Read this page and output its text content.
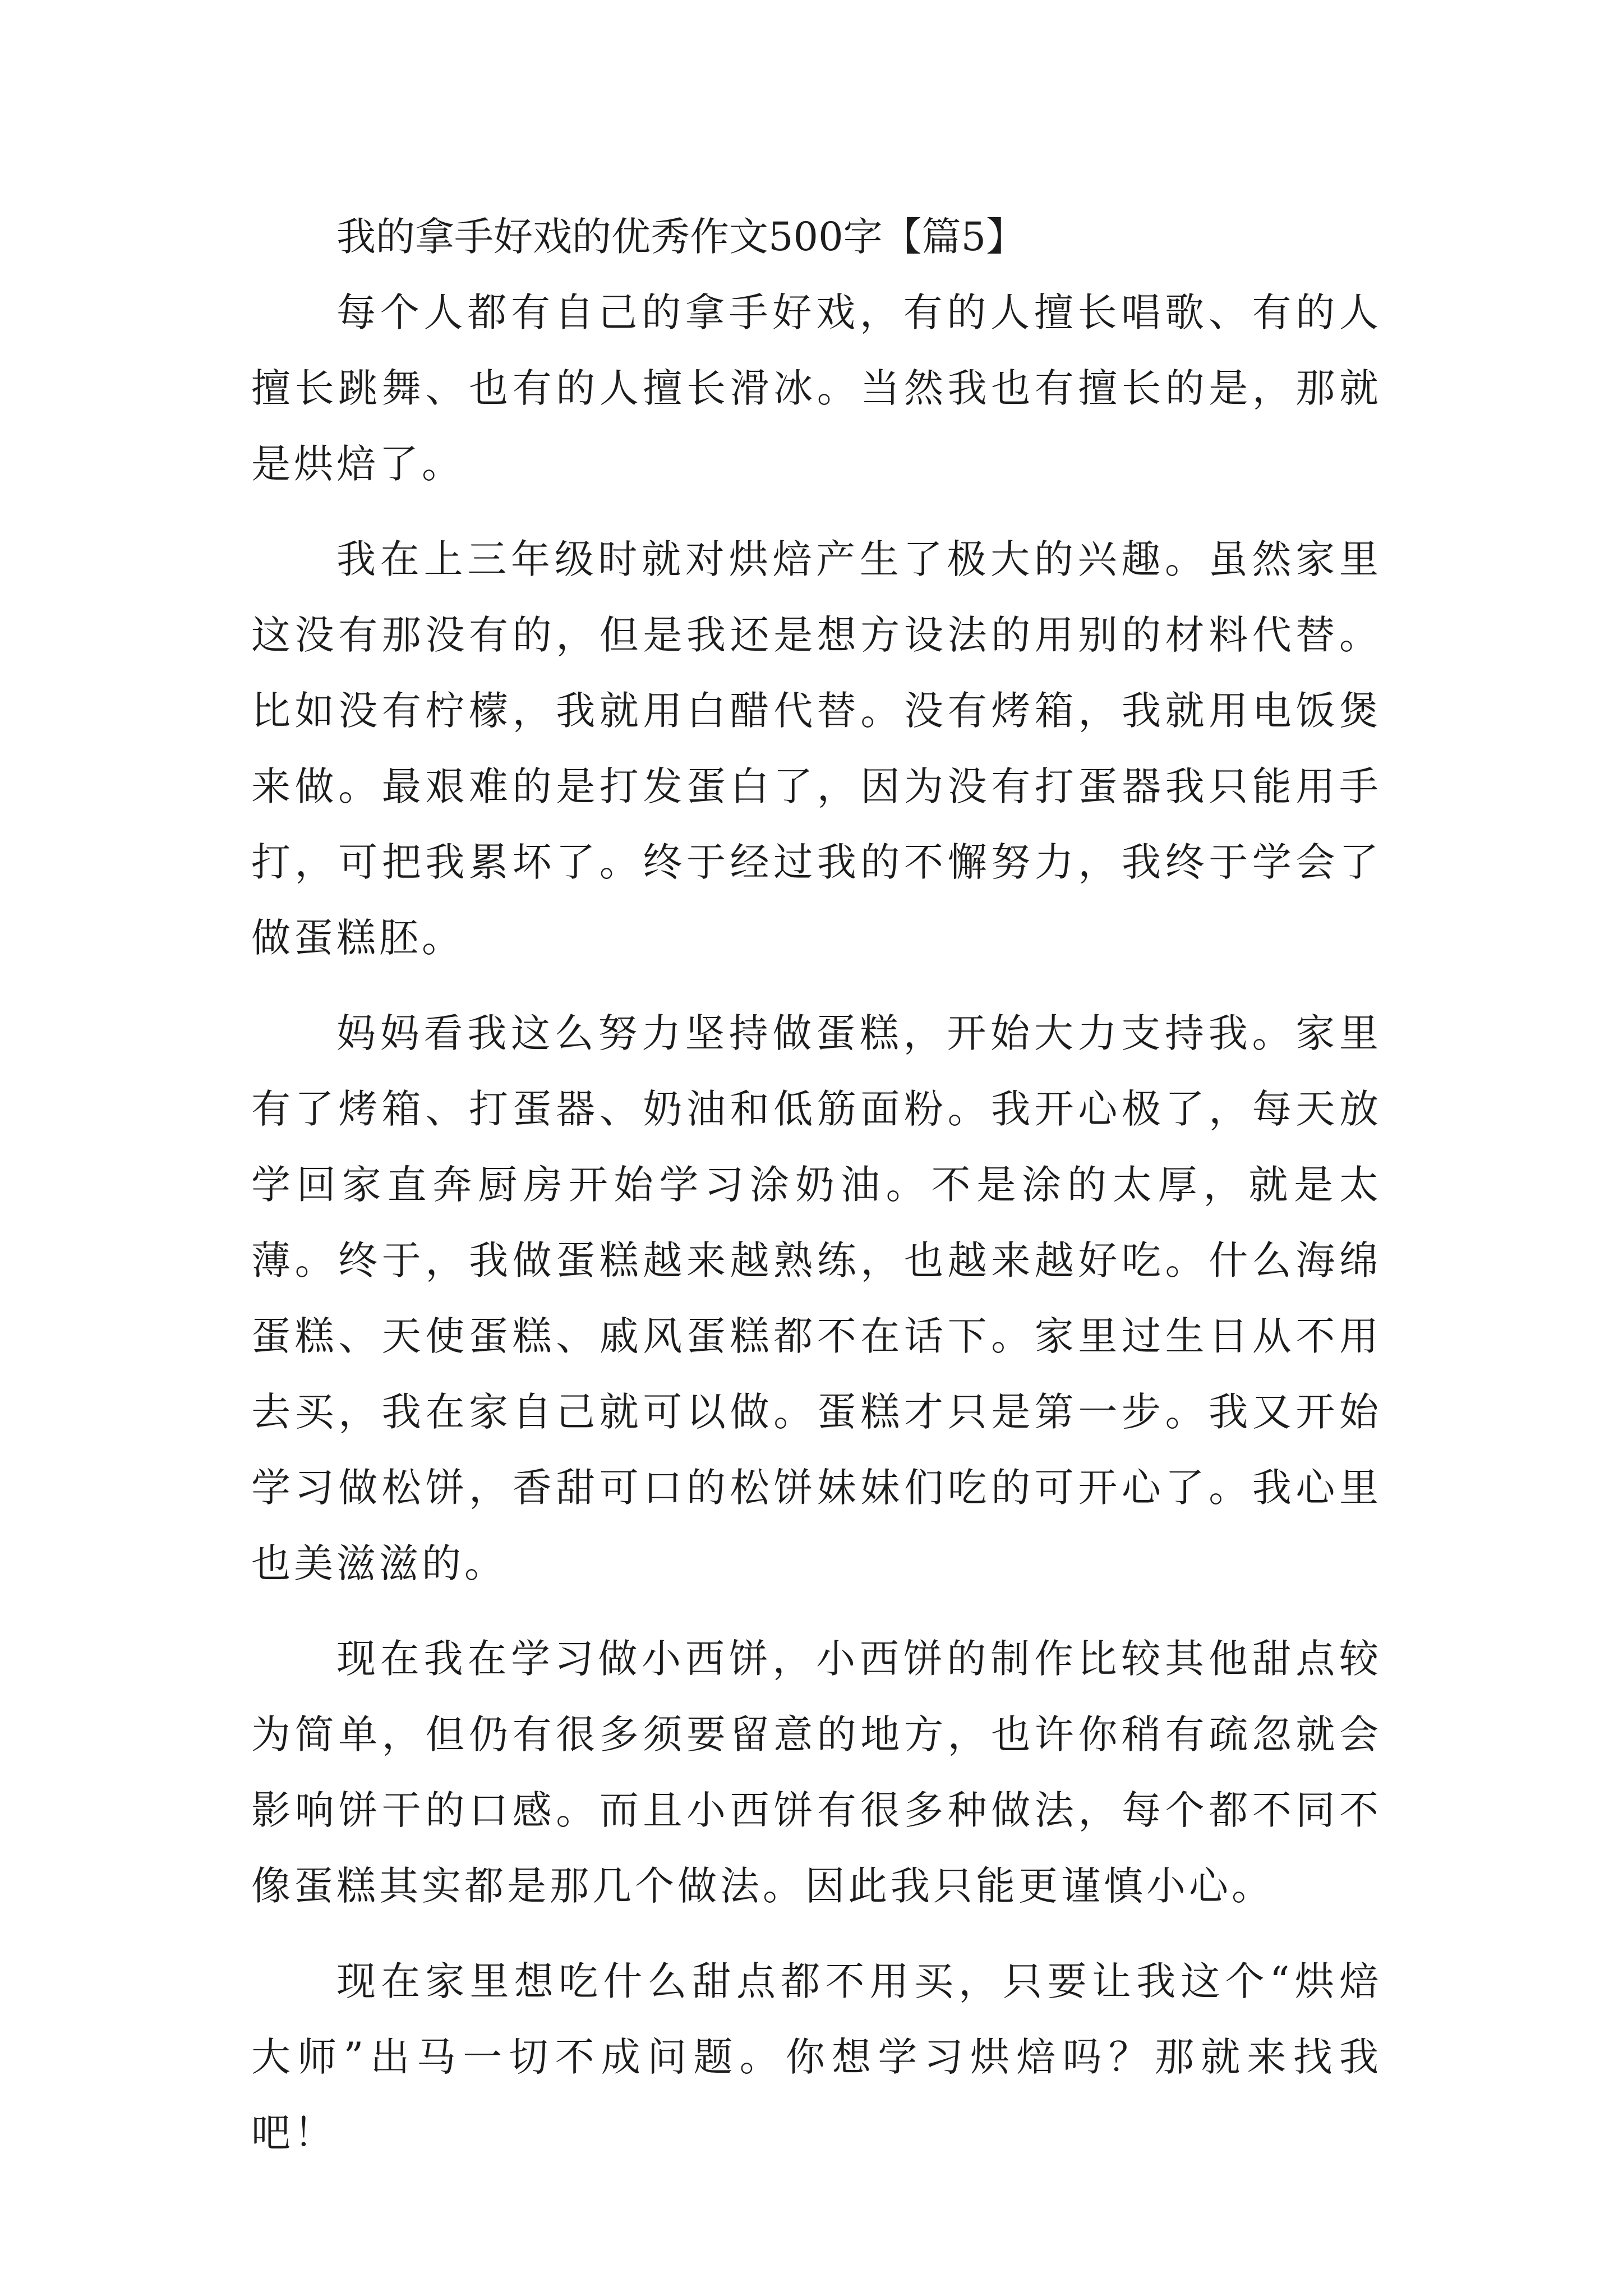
我的拿手好戏的优秀作文500字【篇5】

每个人都有自己的拿手好戏，有的人擅长唱歌、有的人擅长跳舞、也有的人擅长滑冰。当然我也有擅长的是，那就是烘焙了。

我在上三年级时就对烘焙产生了极大的兴趣。虽然家里这没有那没有的，但是我还是想方设法的用别的材料代替。比如没有柠檬，我就用白醋代替。没有烤箱，我就用电饭煲来做。最艰难的是打发蛋白了，因为没有打蛋器我只能用手打，可把我累坏了。终于经过我的不懈努力，我终于学会了做蛋糕胚。

妈妈看我这么努力坚持做蛋糕，开始大力支持我。家里有了烤箱、打蛋器、奶油和低筋面粉。我开心极了，每天放学回家直奔厨房开始学习涂奶油。不是涂的太厚，就是太薄。终于，我做蛋糕越来越熟练，也越来越好吃。什么海绵蛋糕、天使蛋糕、戚风蛋糕都不在话下。家里过生日从不用去买，我在家自己就可以做。蛋糕才只是第一步。我又开始学习做松饼，香甜可口的松饼妹妹们吃的可开心了。我心里也美滋滋的。

现在我在学习做小西饼，小西饼的制作比较其他甜点较为简单，但仍有很多须要留意的地方，也许你稍有疏忽就会影响饼干的口感。而且小西饼有很多种做法，每个都不同不像蛋糕其实都是那几个做法。因此我只能更谨慎小心。

现在家里想吃什么甜点都不用买，只要让我这个“烘焙大师”出马一切不成问题。你想学习烘焙吗？那就来找我吧！
